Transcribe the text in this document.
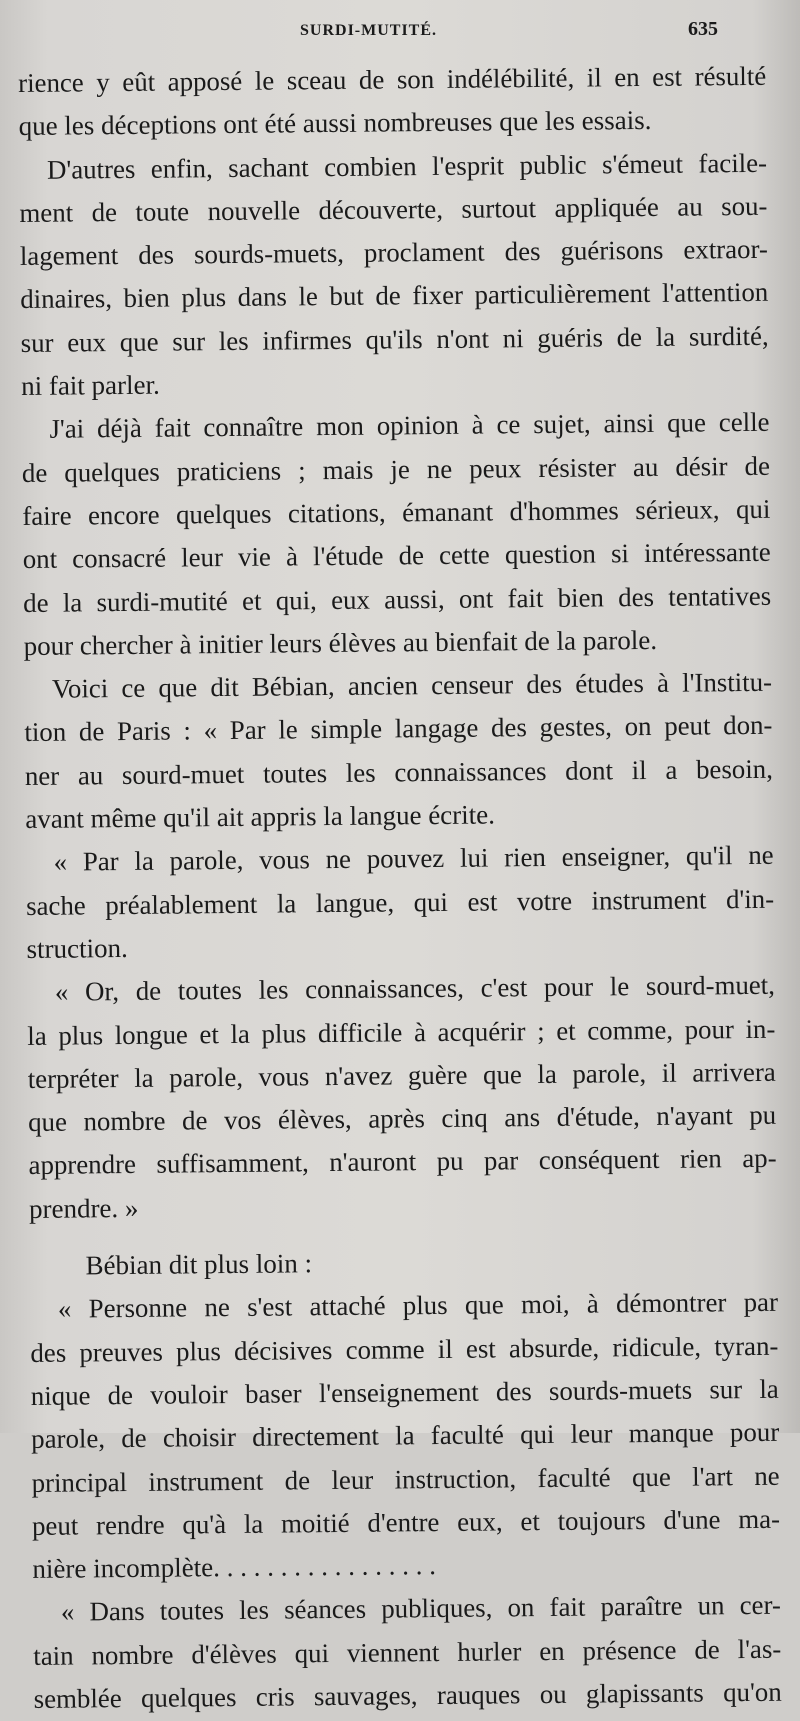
SURDI-MUTITÉ.	635
rience y eût apposé le sceau de son indélébilité, il en est résulté
que les déceptions ont été aussi nombreuses que les essais.
D'autres enfin, sachant combien l'esprit public s'émeut facile-
ment de toute nouvelle découverte, surtout appliquée au sou-
lagement des sourds-muets, proclament des guérisons extraor-
dinaires, bien plus dans le but de fixer particulièrement l'attention
sur eux que sur les infirmes qu'ils n'ont ni guéris de la surdité,
ni fait parler.
J'ai déjà fait connaître mon opinion à ce sujet, ainsi que celle
de quelques praticiens ; mais je ne peux résister au désir de
faire encore quelques citations, émanant d'hommes sérieux, qui
ont consacré leur vie à l'étude de cette question si intéressante
de la surdi-mutité et qui, eux aussi, ont fait bien des tentatives
pour chercher à initier leurs élèves au bienfait de la parole.
Voici ce que dit Bébian, ancien censeur des études à l'Institu-
tion de Paris : « Par le simple langage des gestes, on peut don-
ner au sourd-muet toutes les connaissances dont il a besoin,
avant même qu'il ait appris la langue écrite.
« Par la parole, vous ne pouvez lui rien enseigner, qu'il ne
sache préalablement la langue, qui est votre instrument d'in-
struction.
« Or, de toutes les connaissances, c'est pour le sourd-muet,
la plus longue et la plus difficile à acquérir ; et comme, pour in-
terpréter la parole, vous n'avez guère que la parole, il arrivera
que nombre de vos élèves, après cinq ans d'étude, n'ayant pu
apprendre suffisamment, n'auront pu par conséquent rien ap-
prendre. »
Bébian dit plus loin :
« Personne ne s'est attaché plus que moi, à démontrer par
des preuves plus décisives comme il est absurde, ridicule, tyran-
nique de vouloir baser l'enseignement des sourds-muets sur la
parole, de choisir directement la faculté qui leur manque pour
principal instrument de leur instruction, faculté que l'art ne
peut rendre qu'à la moitié d'entre eux, et toujours d'une ma-
nière incomplète. . . . . . . . . . . . . . . . .
« Dans toutes les séances publiques, on fait paraître un cer-
tain nombre d'élèves qui viennent hurler en présence de l'as-
semblée quelques cris sauvages, rauques ou glapissants qu'on
